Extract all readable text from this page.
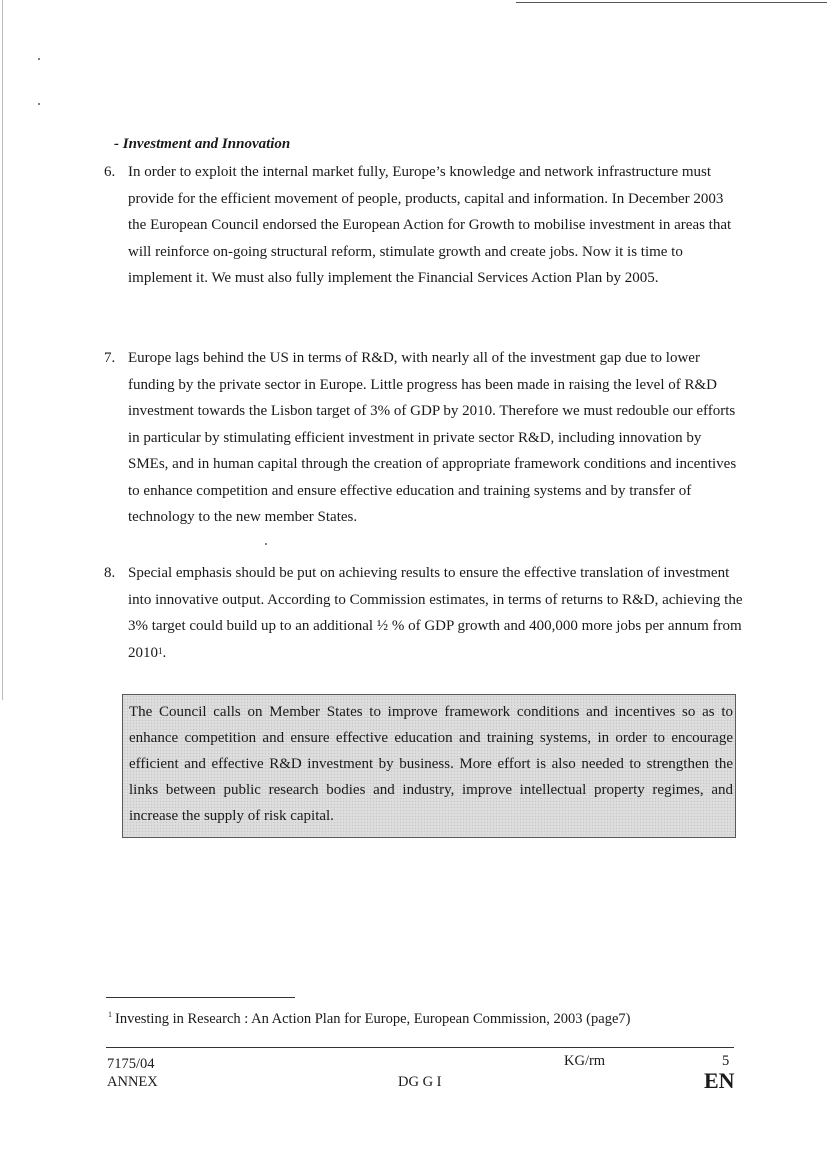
- Investment and Innovation
6. In order to exploit the internal market fully, Europe’s knowledge and network infrastructure must provide for the efficient movement of people, products, capital and information. In December 2003 the European Council endorsed the European Action for Growth to mobilise investment in areas that will reinforce on-going structural reform, stimulate growth and create jobs. Now it is time to implement it. We must also fully implement the Financial Services Action Plan by 2005.
7. Europe lags behind the US in terms of R&D, with nearly all of the investment gap due to lower funding by the private sector in Europe. Little progress has been made in raising the level of R&D investment towards the Lisbon target of 3% of GDP by 2010. Therefore we must redouble our efforts in particular by stimulating efficient investment in private sector R&D, including innovation by SMEs, and in human capital through the creation of appropriate framework conditions and incentives to enhance competition and ensure effective education and training systems and by transfer of technology to the new member States.
8. Special emphasis should be put on achieving results to ensure the effective translation of investment into innovative output. According to Commission estimates, in terms of returns to R&D, achieving the 3% target could build up to an additional ½ % of GDP growth and 400,000 more jobs per annum from 2010$^1$.
The Council calls on Member States to improve framework conditions and incentives so as to enhance competition and ensure effective education and training systems, in order to encourage efficient and effective R&D investment by business. More effort is also needed to strengthen the links between public research bodies and industry, improve intellectual property regimes, and increase the supply of risk capital.
$^1$ Investing in Research : An Action Plan for Europe, European Commission, 2003 (page7)
7175/04
ANNEX	DG G I
KG/rm	5
EN
